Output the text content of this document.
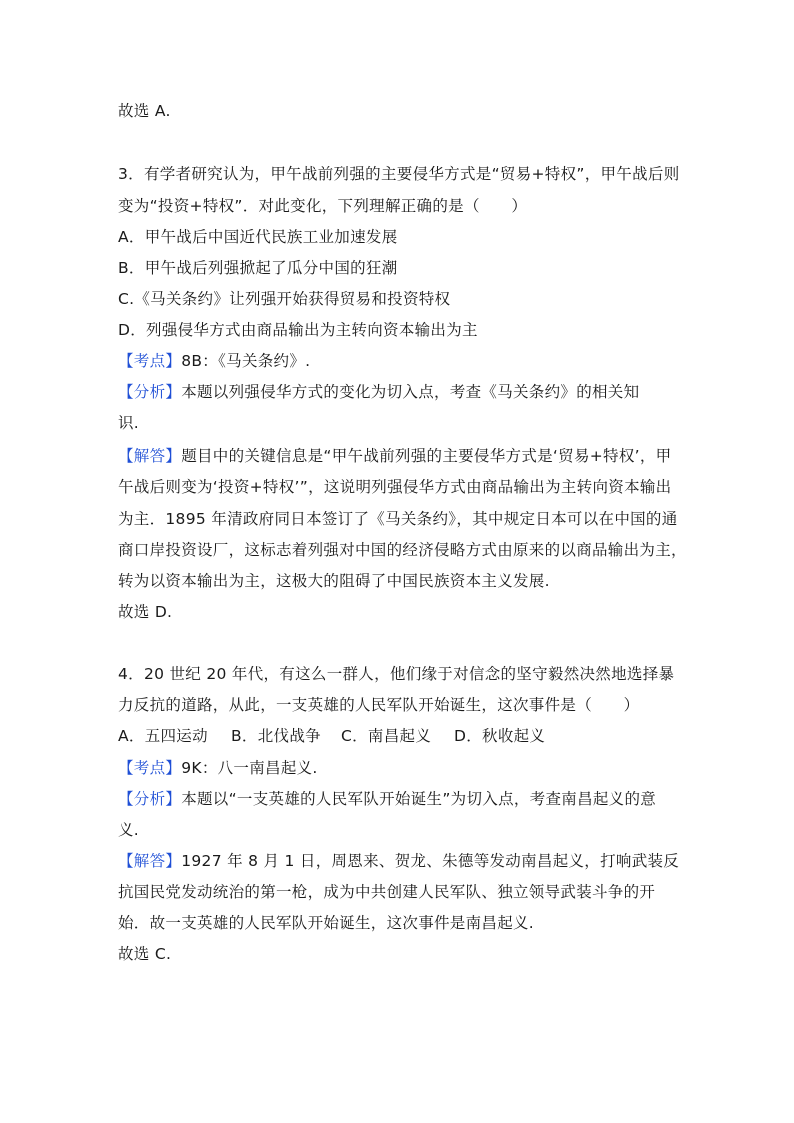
故选 A.
3．有学者研究认为，甲午战前列强的主要侵华方式是“贸易+特权”，甲午战后则
变为“投资+特权”．对此变化，下列理解正确的是（　　）
A．甲午战后中国近代民族工业加速发展
B．甲午战后列强掀起了瓜分中国的狂潮
C.《马关条约》让列强开始获得贸易和投资特权
D．列强侵华方式由商品输出为主转向资本输出为主
【考点】8B：《马关条约》.
【分析】本题以列强侵华方式的变化为切入点，考查《马关条约》的相关知
识.
【解答】题目中的关键信息是“甲午战前列强的主要侵华方式是‘贸易+特权’，甲
午战后则变为‘投资+特权’”，这说明列强侵华方式由商品输出为主转向资本输出
为主．1895 年清政府同日本签订了《马关条约》，其中规定日本可以在中国的通
商口岸投资设厂，这标志着列强对中国的经济侵略方式由原来的以商品输出为主，
转为以资本输出为主，这极大的阻碍了中国民族资本主义发展.
故选 D.
4．20 世纪 20 年代，有这么一群人，他们缘于对信念的坚守毅然决然地选择暴
力反抗的道路，从此，一支英雄的人民军队开始诞生，这次事件是（　　）
A．五四运动 B．北伐战争 C．南昌起义 D．秋收起义
【考点】9K：八一南昌起义.
【分析】本题以“一支英雄的人民军队开始诞生”为切入点，考查南昌起义的意
义.
【解答】1927 年 8 月 1 日，周恩来、贺龙、朱德等发动南昌起义，打响武装反
抗国民党发动统治的第一枪，成为中共创建人民军队、独立领导武装斗争的开
始．故一支英雄的人民军队开始诞生，这次事件是南昌起义.
故选 C.
